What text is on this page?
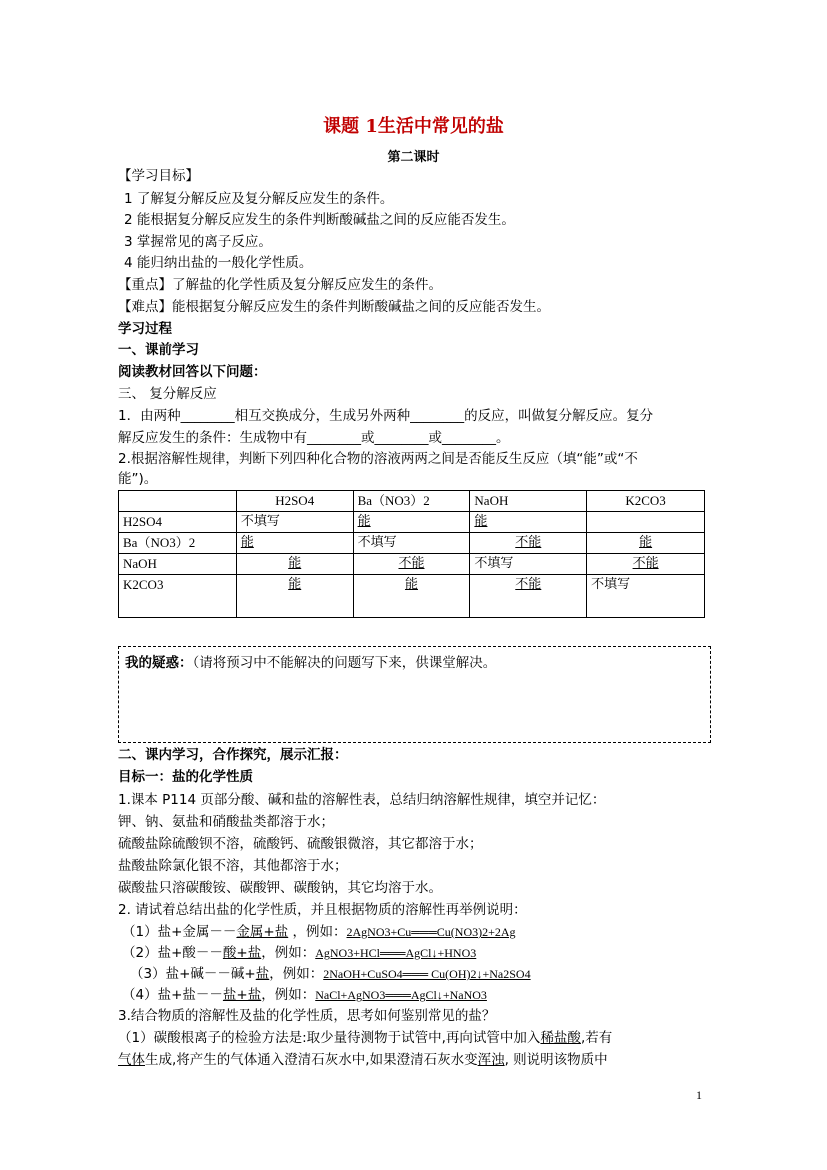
课题 1生活中常见的盐
第二课时
【学习目标】
1 了解复分解反应及复分解反应发生的条件。
2 能根据复分解反应发生的条件判断酸碱盐之间的反应能否发生。
3 掌握常见的离子反应。
4 能归纳出盐的一般化学性质。
【重点】了解盐的化学性质及复分解反应发生的条件。
【难点】能根据复分解反应发生的条件判断酸碱盐之间的反应能否发生。
学习过程
一、课前学习
阅读教材回答以下问题：
三、 复分解反应
1．由两种________相互交换成分，生成另外两种________的反应，叫做复分解反应。复分
解反应发生的条件：生成物中有________或________或________。
2.根据溶解性规律，判断下列四种化合物的溶液两两之间是否能反生反应（填“能”或“不
能”)。
	H2SO4	Ba（NO3）2	NaOH	K2CO3
H2SO4	不填写	能	能	
Ba（NO3）2	能	不填写	不能	能
NaOH	能	不能	不填写	不能
K2CO3	能	能	不能	不填写
我的疑惑：（请将预习中不能解决的问题写下来，供课堂解决。
二、课内学习，合作探究，展示汇报：
目标一：盐的化学性质
1.课本 P114 页部分酸、碱和盐的溶解性表，总结归纳溶解性规律，填空并记忆：
钾、钠、氨盐和硝酸盐类都溶于水；
硫酸盐除硫酸钡不溶，硫酸钙、硫酸银微溶，其它都溶于水；
盐酸盐除氯化银不溶，其他都溶于水；
碳酸盐只溶碳酸铵、碳酸钾、碳酸钠，其它均溶于水。
2. 请试着总结出盐的化学性质，并且根据物质的溶解性再举例说明：
（1）盐+金属－－金属+盐 ，例如：2AgNO3+Cu═══Cu(NO3)2+2Ag
（2）盐+酸－－酸+盐，例如：AgNO3+HCl═══AgCl↓+HNO3
（3）盐+碱－－碱+盐，例如：2NaOH+CuSO4═══ Cu(OH)2↓+Na2SO4
（4）盐+盐－－盐+盐，例如：NaCl+AgNO3═══AgCl↓+NaNO3
3.结合物质的溶解性及盐的化学性质，思考如何鉴别常见的盐？
（1）碳酸根离子的检验方法是:取少量待测物于试管中,再向试管中加入稀盐酸,若有
气体生成,将产生的气体通入澄清石灰水中,如果澄清石灰水变浑浊, 则说明该物质中
1
